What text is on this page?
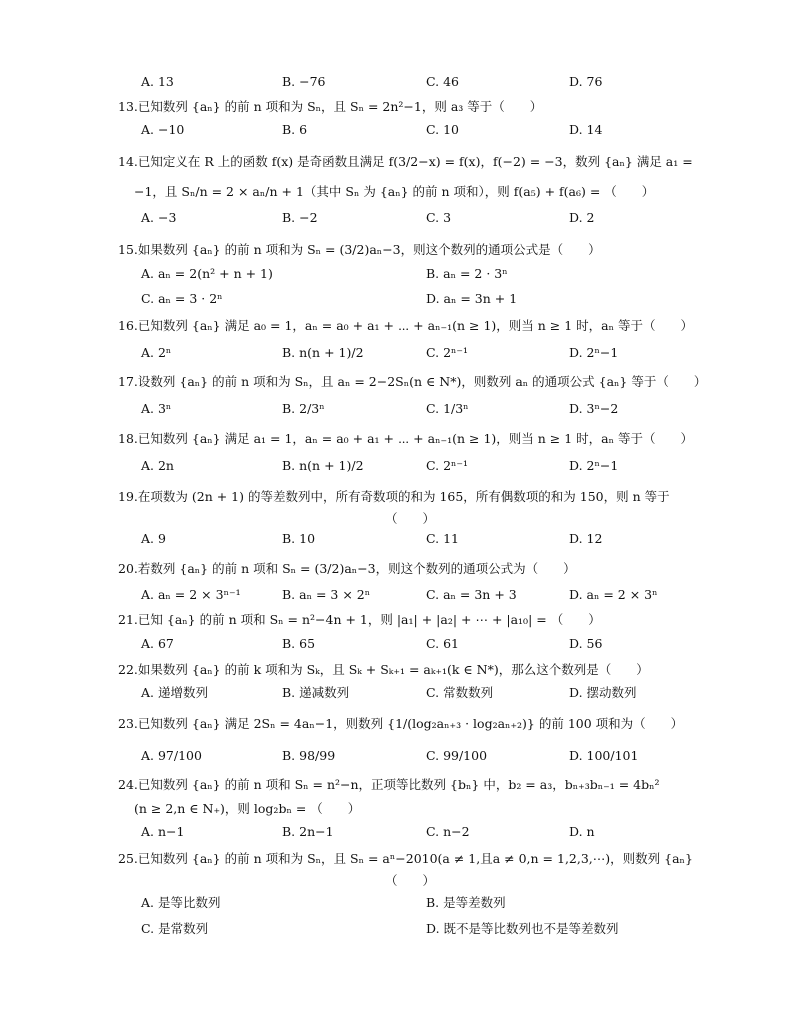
A. 13	B. −76	C. 46	D. 76
13.已知数列 {aₙ} 的前 n 项和为 Sₙ，且 Sₙ = 2n²−1，则 a₃ 等于（　　）
A. −10	B. 6	C. 10	D. 14
14.已知定义在 R 上的函数 f(x) 是奇函数且满足 f(3/2−x) = f(x)，f(−2) = −3，数列 {aₙ} 满足 a₁ =
−1，且 Sₙ/n = 2 × aₙ/n + 1（其中 Sₙ 为 {aₙ} 的前 n 项和），则 f(a₅) + f(a₆) = （　　）
A. −3	B. −2	C. 3	D. 2
15.如果数列 {aₙ} 的前 n 项和为 Sₙ = (3/2)aₙ−3，则这个数列的通项公式是（　　）
A. aₙ = 2(n² + n + 1)	B. aₙ = 2 · 3ⁿ
C. aₙ = 3 · 2ⁿ	D. aₙ = 3n + 1
16.已知数列 {aₙ} 满足 a₀ = 1，aₙ = a₀ + a₁ + ⋯ + aₙ₋₁(n ≥ 1)，则当 n ≥ 1 时，aₙ 等于（　　）
A. 2ⁿ	B. n(n + 1)/2	C. 2ⁿ⁻¹	D. 2ⁿ−1
17.设数列 {aₙ} 的前 n 项和为 Sₙ，且 aₙ = 2−2Sₙ(n ∈ N*)，则数列 aₙ 的通项公式 {aₙ} 等于（　　）
A. 3ⁿ	B. 2/3ⁿ	C. 1/3ⁿ	D. 3ⁿ−2
18.已知数列 {aₙ} 满足 a₁ = 1，aₙ = a₀ + a₁ + ⋯ + aₙ₋₁(n ≥ 1)，则当 n ≥ 1 时，aₙ 等于（　　）
A. 2n	B. n(n + 1)/2	C. 2ⁿ⁻¹	D. 2ⁿ−1
19.在项数为 (2n + 1) 的等差数列中，所有奇数项的和为 165，所有偶数项的和为 150，则 n 等于
（　　）
A. 9	B. 10	C. 11	D. 12
20.若数列 {aₙ} 的前 n 项和 Sₙ = (3/2)aₙ−3，则这个数列的通项公式为（　　）
A. aₙ = 2 × 3ⁿ⁻¹	B. aₙ = 3 × 2ⁿ	C. aₙ = 3n + 3	D. aₙ = 2 × 3ⁿ
21.已知 {aₙ} 的前 n 项和 Sₙ = n²−4n + 1，则 |a₁| + |a₂| + ⋯ + |a₁₀| = （　　）
A. 67	B. 65	C. 61	D. 56
22.如果数列 {aₙ} 的前 k 项和为 Sₖ，且 Sₖ + Sₖ₊₁ = aₖ₊₁(k ∈ N*)，那么这个数列是（　　）
A. 递增数列	B. 递减数列	C. 常数数列	D. 摆动数列
23.已知数列 {aₙ} 满足 2Sₙ = 4aₙ−1，则数列 {1/(log₂aₙ₊₃ · log₂aₙ₊₂)} 的前 100 项和为（　　）
A. 97/100	B. 98/99	C. 99/100	D. 100/101
24.已知数列 {aₙ} 的前 n 项和 Sₙ = n²−n，正项等比数列 {bₙ} 中，b₂ = a₃，bₙ₊₃bₙ₋₁ = 4bₙ²
(n ≥ 2,n ∈ N₊)，则 log₂bₙ = （　　）
A. n−1	B. 2n−1	C. n−2	D. n
25.已知数列 {aₙ} 的前 n 项和为 Sₙ，且 Sₙ = aⁿ−2010(a ≠ 1,且a ≠ 0,n = 1,2,3,⋯)，则数列 {aₙ}
（　　）
A. 是等比数列	B. 是等差数列
C. 是常数列	D. 既不是等比数列也不是等差数列
